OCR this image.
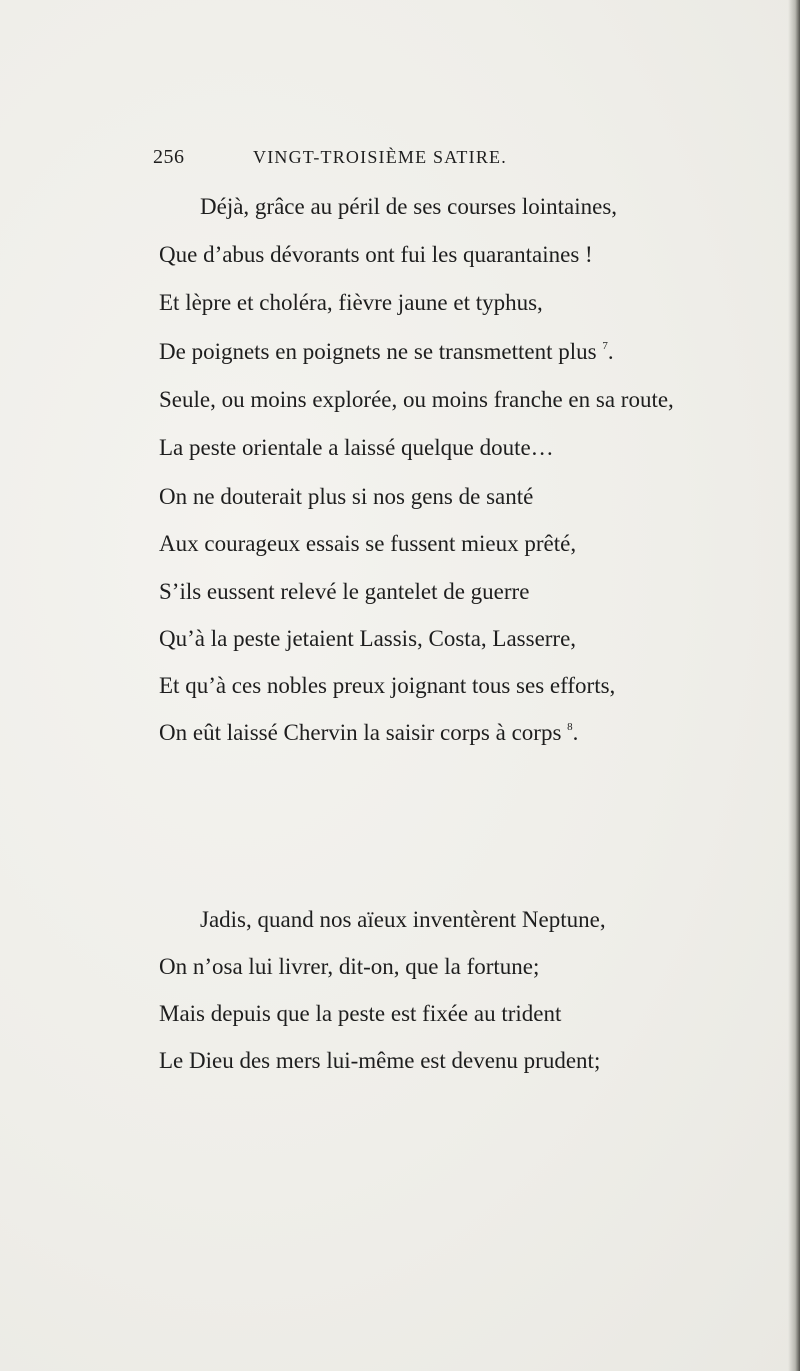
256	VINGT-TROISIÈME SATIRE.
Déjà, grâce au péril de ses courses lointaines,
Que d’abus dévorants ont fui les quarantaines !
Et lèpre et choléra, fièvre jaune et typhus,
De poignets en poignets ne se transmettent plus $^7$.
Seule, ou moins explorée, ou moins franche en sa route,
La peste orientale a laissé quelque doute…
On ne douterait plus si nos gens de santé
Aux courageux essais se fussent mieux prêté,
S’ils eussent relevé le gantelet de guerre
Qu’à la peste jetaient Lassis, Costa, Lasserre,
Et qu’à ces nobles preux joignant tous ses efforts,
On eût laissé Chervin la saisir corps à corps $^8$.
Jadis, quand nos aïeux inventèrent Neptune,
On n’osa lui livrer, dit-on, que la fortune;
Mais depuis que la peste est fixée au trident
Le Dieu des mers lui-même est devenu prudent;
